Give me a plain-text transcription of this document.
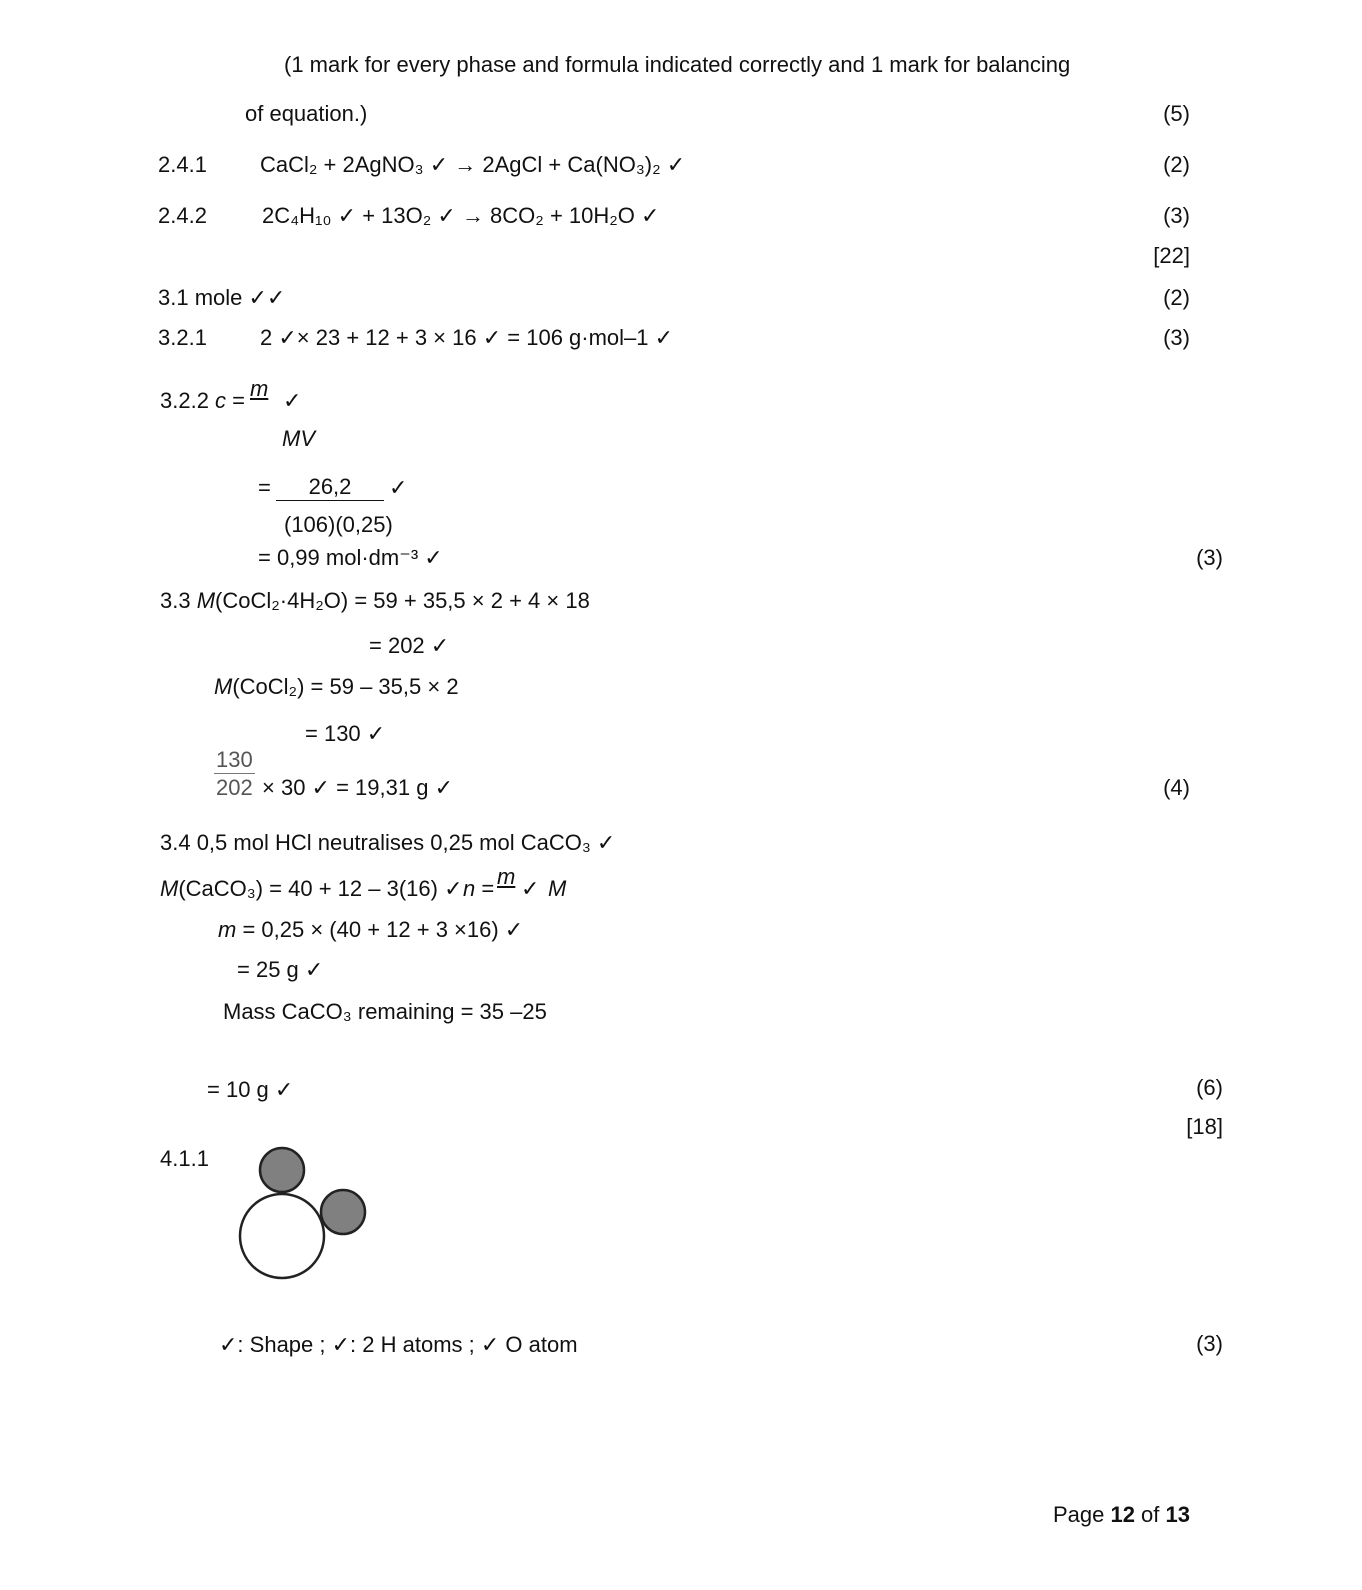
(1 mark for every phase and formula indicated correctly and 1 mark for balancing
of equation.)	(5)
2.4.1 CaCl₂ + 2AgNO₃ ✓ → 2AgCl + Ca(NO₃)₂ ✓	(2)
2.4.2	2C₄H₁₀ ✓ + 13O₂ ✓ → 8CO₂ + 10H₂O ✓	(3)
[22]
3.1 mole ✓✓	(2)
3.2.1 2 ✓× 23 + 12 + 3 × 16 ✓ = 106 g·mol–1 ✓	(3)
3.2.2 c = m ✓
MV
=	26,2	✓
(106)(0,25)
= 0,99 mol·dm⁻³ ✓	(3)
3.3 M(CoCl₂·4H₂O) = 59 + 35,5 × 2 + 4 × 18
= 202 ✓
M(CoCl₂) = 59 – 35,5 × 2
= 130 ✓
130
202 × 30 ✓ = 19,31 g ✓	(4)
3.4 0,5 mol HCl neutralises 0,25 mol CaCO₃ ✓
M(CaCO₃) = 40 + 12 – 3(16) ✓ n = m ✓ M
m = 0,25 × (40 + 12 + 3 ×16) ✓
= 25 g ✓
Mass CaCO₃ remaining = 35 –25
= 10 g ✓	(6)
[18]
4.1.1
✓: Shape ; ✓: 2 H atoms ; ✓ O atom	(3)
Page 12 of 13
